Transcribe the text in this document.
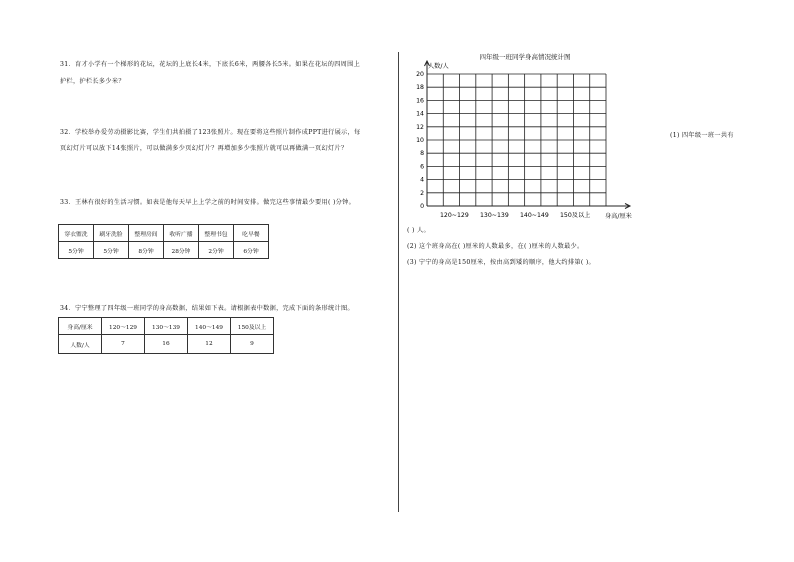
31．育才小学有一个梯形的花坛，花坛的上底长4米，下底长6米，两腰各长5米。如果在花坛的四周围上
护栏，护栏长多少米？
32．学校举办爱劳动摄影比赛，学生们共拍摄了123张照片。现在要将这些照片制作成PPT进行展示，每
页幻灯片可以放下14张照片，可以做满多少页幻灯片？再增加多少张照片就可以再做满一页幻灯片？
33．王林有很好的生活习惯。如表是他每天早上上学之前的时间安排。做完这些事情最少要用( )分钟。
穿衣盥洗	刷牙洗脸	整理房间	收听广播	整理书包	吃早餐
5分钟	5分钟	8分钟	28分钟	2分钟	6分钟
34．宁宁整理了四年级一班同学的身高数据，结果如下表。请根据表中数据，完成下面的条形统计图。
身高/厘米	120～129	130～139	140～149	150及以上
人数/人	7	16	12	9
四年级一班同学身高情况统计图
0
2
4
6
8
10
12
14
16
18
20
120~129 130~139 140~149 150及以上
人数/人
身高/厘米
(1) 四年级一班一共有
( ) 人。
(2) 这个班身高在( )厘米的人数最多，在( )厘米的人数最少。
(3) 宁宁的身高是150厘米，按由高到矮的顺序，他大约排第( )。
